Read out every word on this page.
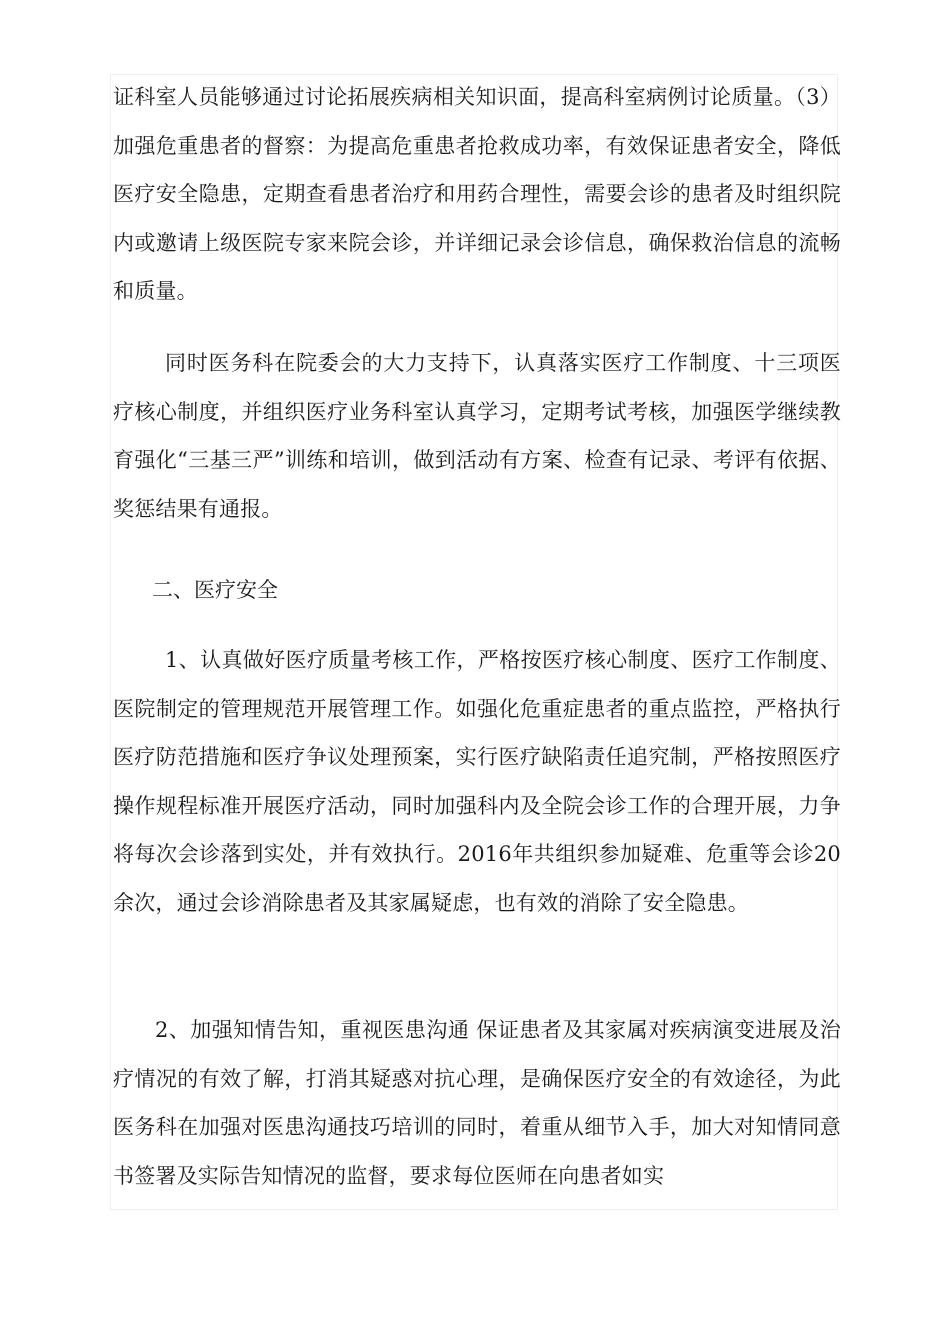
证科室人员能够通过讨论拓展疾病相关知识面，提高科室病例讨论质量。（3）加强危重患者的督察：为提高危重患者抢救成功率，有效保证患者安全，降低医疗安全隐患，定期查看患者治疗和用药合理性，需要会诊的患者及时组织院内或邀请上级医院专家来院会诊，并详细记录会诊信息，确保救治信息的流畅和质量。

同时医务科在院委会的大力支持下，认真落实医疗工作制度、十三项医疗核心制度，并组织医疗业务科室认真学习，定期考试考核，加强医学继续教育强化“三基三严”训练和培训，做到活动有方案、检查有记录、考评有依据、奖惩结果有通报。

二、医疗安全

1、认真做好医疗质量考核工作，严格按医疗核心制度、医疗工作制度、医院制定的管理规范开展管理工作。如强化危重症患者的重点监控，严格执行医疗防范措施和医疗争议处理预案，实行医疗缺陷责任追究制，严格按照医疗操作规程标准开展医疗活动，同时加强科内及全院会诊工作的合理开展，力争将每次会诊落到实处，并有效执行。2016年共组织参加疑难、危重等会诊20余次，通过会诊消除患者及其家属疑虑，也有效的消除了安全隐患。

2、加强知情告知，重视医患沟通 保证患者及其家属对疾病演变进展及治疗情况的有效了解，打消其疑惑对抗心理，是确保医疗安全的有效途径，为此医务科在加强对医患沟通技巧培训的同时，着重从细节入手，加大对知情同意书签署及实际告知情况的监督，要求每位医师在向患者如实
